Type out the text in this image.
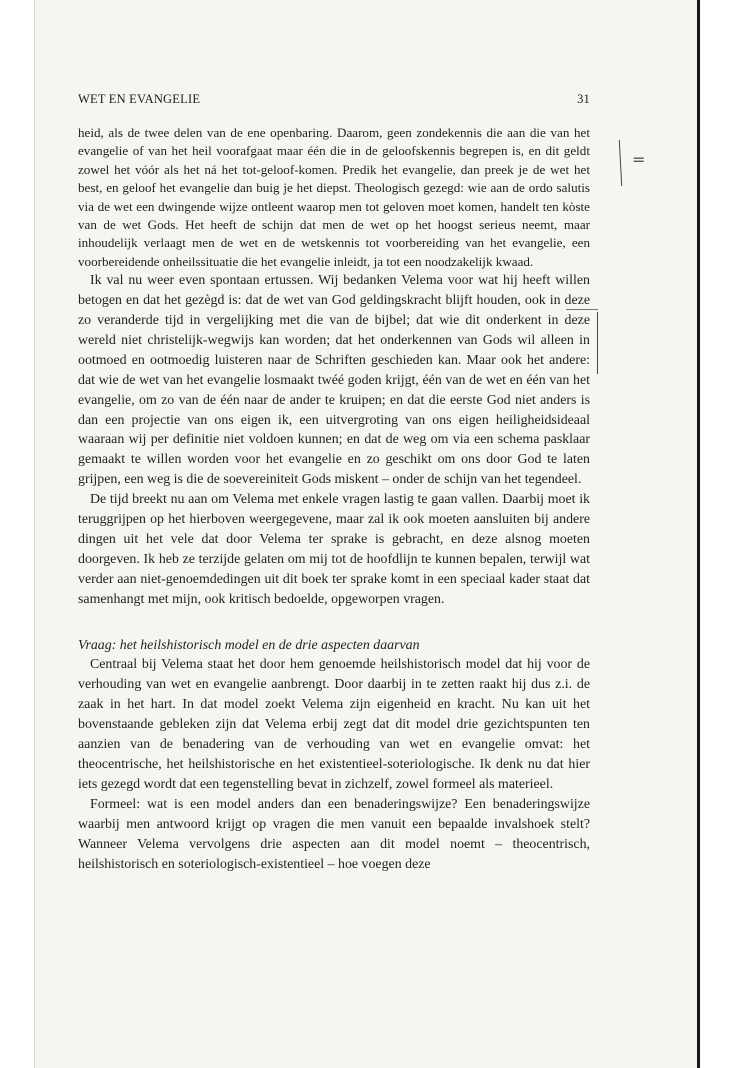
WET EN EVANGELIE	31

heid, als de twee delen van de ene openbaring. Daarom, geen zondekennis die aan die van het evangelie of van het heil voorafgaat maar één die in de geloofskennis begrepen is, en dit geldt zowel het vóór als het ná het tot-geloof-komen. Predik het evangelie, dan preek je de wet het best, en geloof het evangelie dan buig je het diepst. Theologisch gezegd: wie aan de ordo salutis via de wet een dwingende wijze ontleent waarop men tot geloven moet komen, handelt ten kòste van de wet Gods. Het heeft de schijn dat men de wet op het hoogst serieus neemt, maar inhoudelijk verlaagt men de wet en de wetskennis tot voorbereiding van het evangelie, een voorbereidende onheilssituatie die het evangelie inleidt, ja tot een noodzakelijk kwaad.

Ik val nu weer even spontaan ertussen. Wij bedanken Velema voor wat hij heeft willen betogen en dat het gezègd is: dat de wet van God geldingskracht blijft houden, ook in deze zo veranderde tijd in vergelijking met die van de bijbel; dat wie dit onderkent in deze wereld niet christelijk-wegwijs kan worden; dat het onderkennen van Gods wil alleen in ootmoed en ootmoedig luisteren naar de Schriften geschieden kan. Maar ook het andere: dat wie de wet van het evangelie losmaakt twéé goden krijgt, één van de wet en één van het evangelie, om zo van de één naar de ander te kruipen; en dat die eerste God niet anders is dan een projectie van ons eigen ik, een uitvergroting van ons eigen heiligheidsideaal waaraan wij per definitie niet voldoen kunnen; en dat de weg om via een schema pasklaar gemaakt te willen worden voor het evangelie en zo geschikt om ons door God te laten grijpen, een weg is die de soevereiniteit Gods miskent – onder de schijn van het tegendeel.

De tijd breekt nu aan om Velema met enkele vragen lastig te gaan vallen. Daarbij moet ik teruggrijpen op het hierboven weergegevene, maar zal ik ook moeten aansluiten bij andere dingen uit het vele dat door Velema ter sprake is gebracht, en deze alsnog moeten doorgeven. Ik heb ze terzijde gelaten om mij tot de hoofdlijn te kunnen bepalen, terwijl wat verder aan niet-genoemdedingen uit dit boek ter sprake komt in een speciaal kader staat dat samenhangt met mijn, ook kritisch bedoelde, opgeworpen vragen.

Vraag: het heilshistorisch model en de drie aspecten daarvan

Centraal bij Velema staat het door hem genoemde heilshistorisch model dat hij voor de verhouding van wet en evangelie aanbrengt. Door daarbij in te zetten raakt hij dus z.i. de zaak in het hart. In dat model zoekt Velema zijn eigenheid en kracht. Nu kan uit het bovenstaande gebleken zijn dat Velema erbij zegt dat dit model drie gezichtspunten ten aanzien van de benadering van de verhouding van wet en evangelie omvat: het theocentrische, het heilshistorische en het existentieel-soteriologische. Ik denk nu dat hier iets gezegd wordt dat een tegenstelling bevat in zichzelf, zowel formeel als materieel.

Formeel: wat is een model anders dan een benaderingswijze? Een benaderingswijze waarbij men antwoord krijgt op vragen die men vanuit een bepaalde invalshoek stelt? Wanneer Velema vervolgens drie aspecten aan dit model noemt – theocentrisch, heilshistorisch en soteriologisch-existentieel – hoe voegen deze

=
